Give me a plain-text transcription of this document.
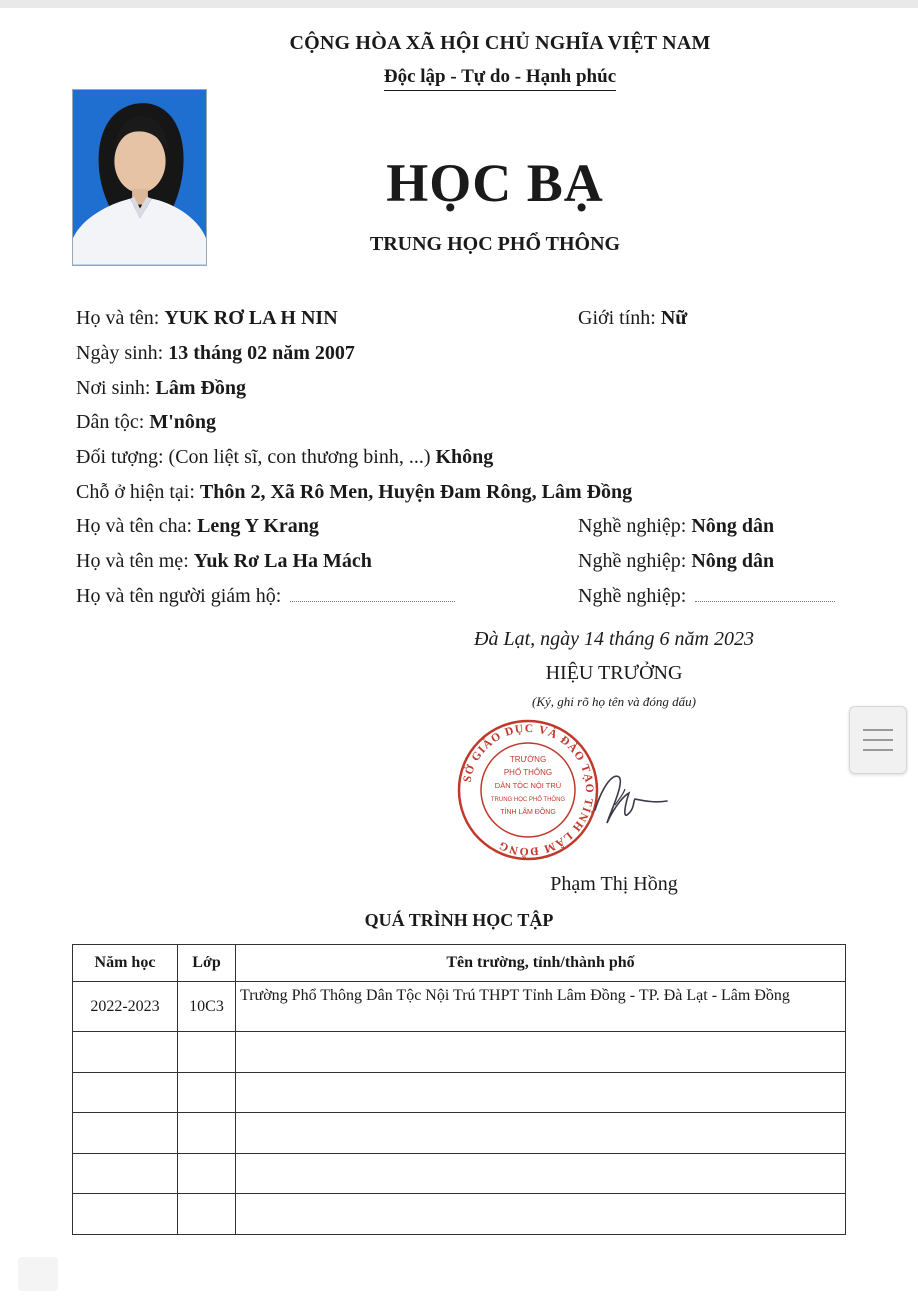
CỘNG HÒA XÃ HỘI CHỦ NGHĨA VIỆT NAM
Độc lập - Tự do - Hạnh phúc
HỌC BẠ
TRUNG HỌC PHỔ THÔNG
Họ và tên: YUK RƠ LA H NIN	Giới tính: Nữ
Ngày sinh: 13 tháng 02 năm 2007
Nơi sinh: Lâm Đồng
Dân tộc: M'nông
Đối tượng: (Con liệt sĩ, con thương binh, ...) Không
Chỗ ở hiện tại: Thôn 2, Xã Rô Men, Huyện Đam Rông, Lâm Đồng
Họ và tên cha: Leng Y Krang	Nghề nghiệp: Nông dân
Họ và tên mẹ: Yuk Rơ La Ha Mách	Nghề nghiệp: Nông dân
Họ và tên người giám hộ:	Nghề nghiệp:
Đà Lạt, ngày 14 tháng 6 năm 2023
HIỆU TRƯỞNG
(Ký, ghi rõ họ tên và đóng dấu)
SỞ GIÁO DỤC VÀ ĐÀO TẠO TỈNH LÂM ĐỒNG
TRƯỜNG
PHỔ THÔNG
DÂN TỘC NỘI TRÚ
TRUNG HỌC PHỔ THÔNG
TỈNH LÂM ĐỒNG
Phạm Thị Hồng
QUÁ TRÌNH HỌC TẬP
Năm học	Lớp	Tên trường, tỉnh/thành phố
2022-2023	10C3	Trường Phổ Thông Dân Tộc Nội Trú THPT Tỉnh Lâm Đồng - TP. Đà Lạt - Lâm Đồng
